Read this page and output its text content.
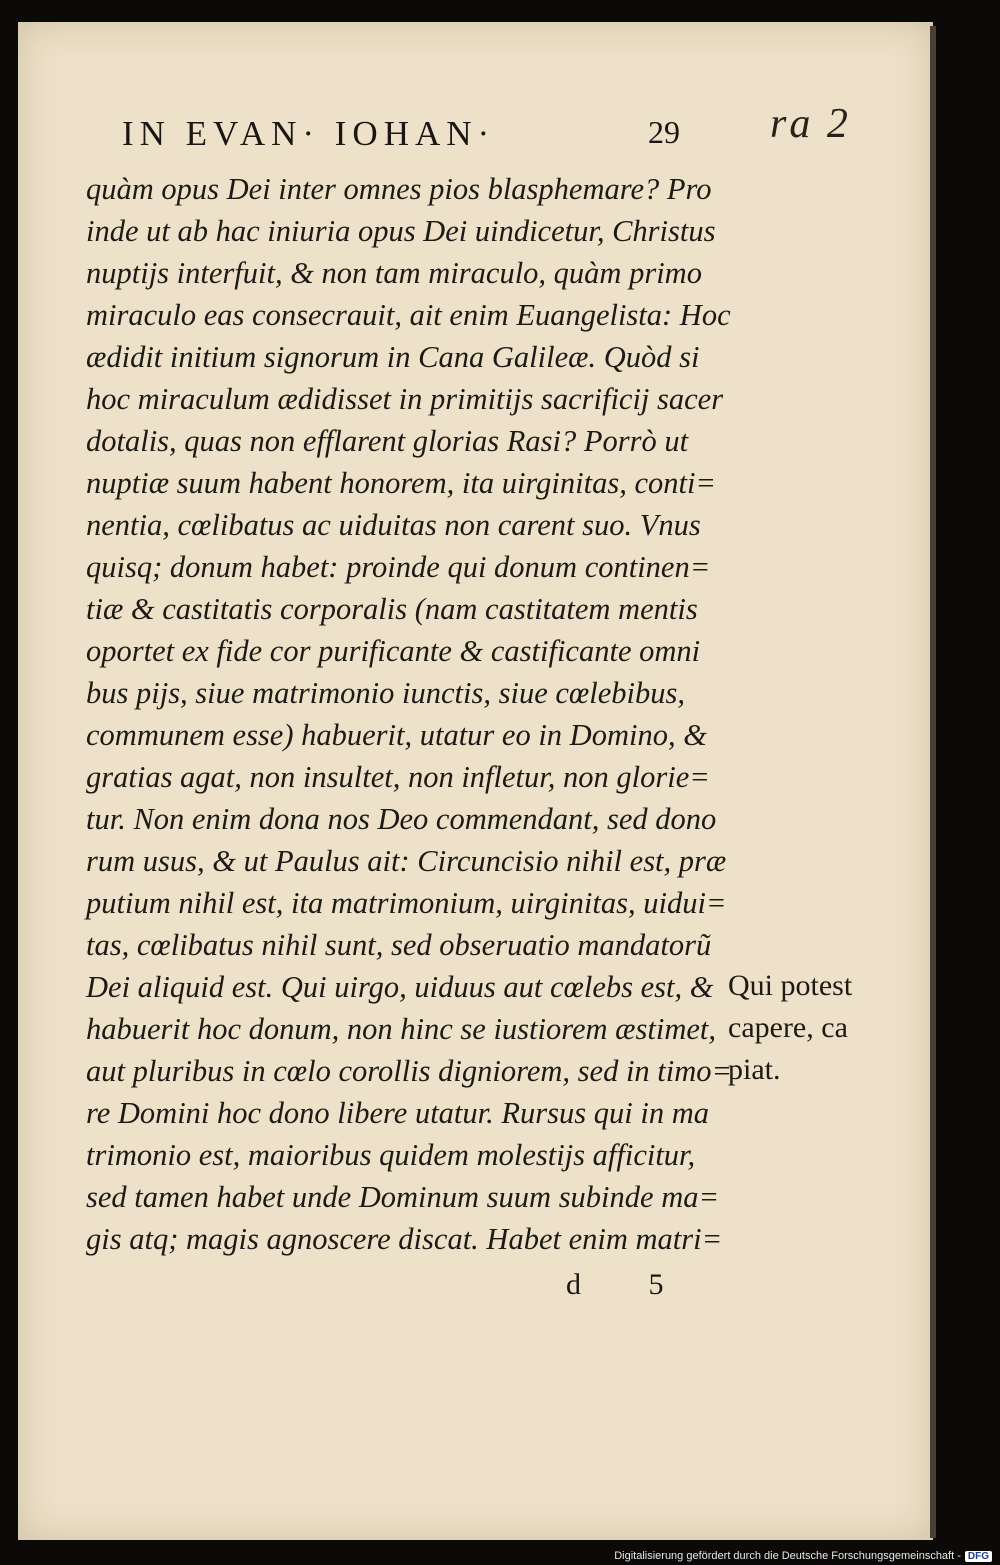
IN EVAN· IOHAN·	29 ra 2
quàm opus Dei inter omnes pios blasphemare? Pro
inde ut ab hac iniuria opus Dei uindicetur, Christus
nuptijs interfuit, & non tam miraculo, quàm primo
miraculo eas consecrauit, ait enim Euangelista: Hoc
ædidit initium signorum in Cana Galileæ. Quòd si
hoc miraculum ædidisset in primitijs sacrificij sacer
dotalis, quas non efflarent glorias Rasi? Porrò ut
nuptiæ suum habent honorem, ita uirginitas, conti=
nentia, cœlibatus ac uiduitas non carent suo. Vnus
quisq; donum habet: proinde qui donum continen=
tiæ & castitatis corporalis (nam castitatem mentis
oportet ex fide cor purificante & castificante omni
bus pijs, siue matrimonio iunctis, siue cœlebibus,
communem esse) habuerit, utatur eo in Domino, &
gratias agat, non insultet, non infletur, non glorie=
tur. Non enim dona nos Deo commendant, sed dono
rum usus, & ut Paulus ait: Circuncisio nihil est, præ
putium nihil est, ita matrimonium, uirginitas, uidui=
tas, cœlibatus nihil sunt, sed obseruatio mandatorũ
Dei aliquid est. Qui uirgo, uiduus aut cœlebs est, &
habuerit hoc donum, non hinc se iustiorem æstimet,
aut pluribus in cœlo corollis digniorem, sed in timo=
re Domini hoc dono libere utatur. Rursus qui in ma
trimonio est, maioribus quidem molestijs afficitur,
sed tamen habet unde Dominum suum subinde ma=
gis atq; magis agnoscere discat. Habet enim matri=
Qui potest
capere, ca
piat.
d 5
Digitalisierung gefördert durch die Deutsche Forschungsgemeinschaft - DFG
